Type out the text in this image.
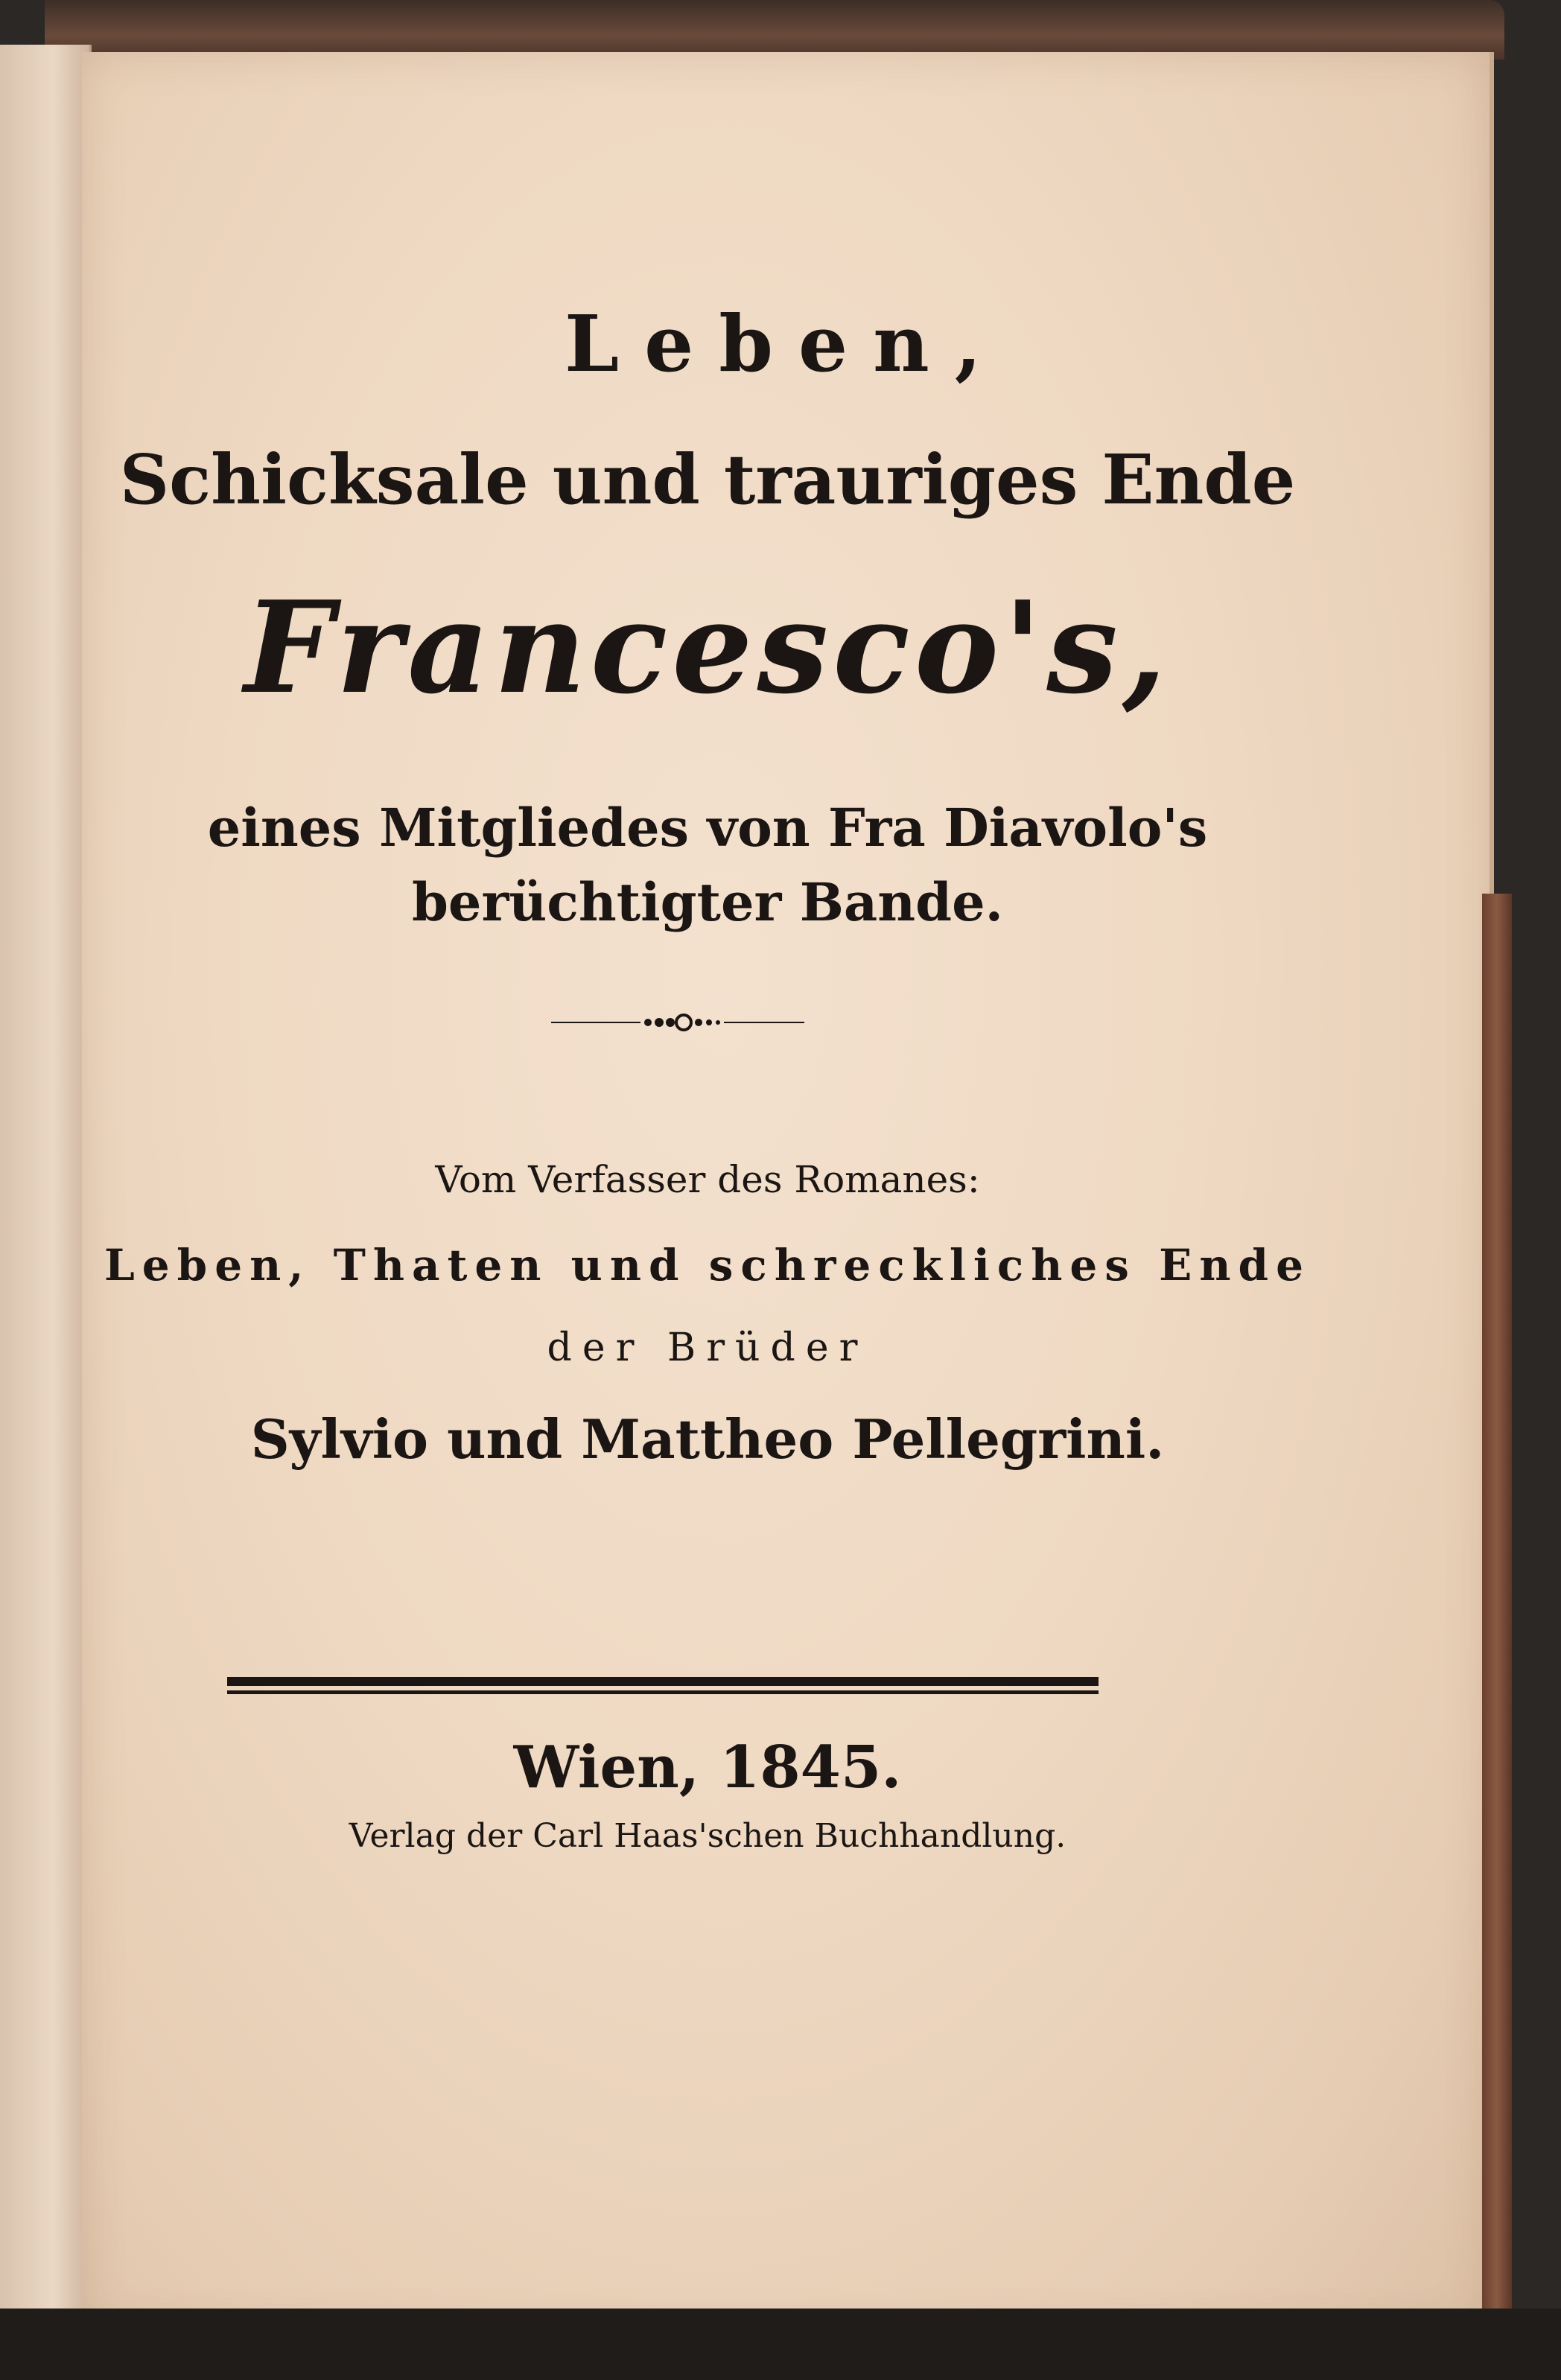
Leben,
Schicksale und trauriges Ende
Francesco's,
eines Mitgliedes von Fra Diavolo's
berüchtigter Bande.
Vom Verfasser des Romanes:
Leben, Thaten und schreckliches Ende
der Brüder
Sylvio und Mattheo Pellegrini.
Wien, 1845.
Verlag der Carl Haas'schen Buchhandlung.
